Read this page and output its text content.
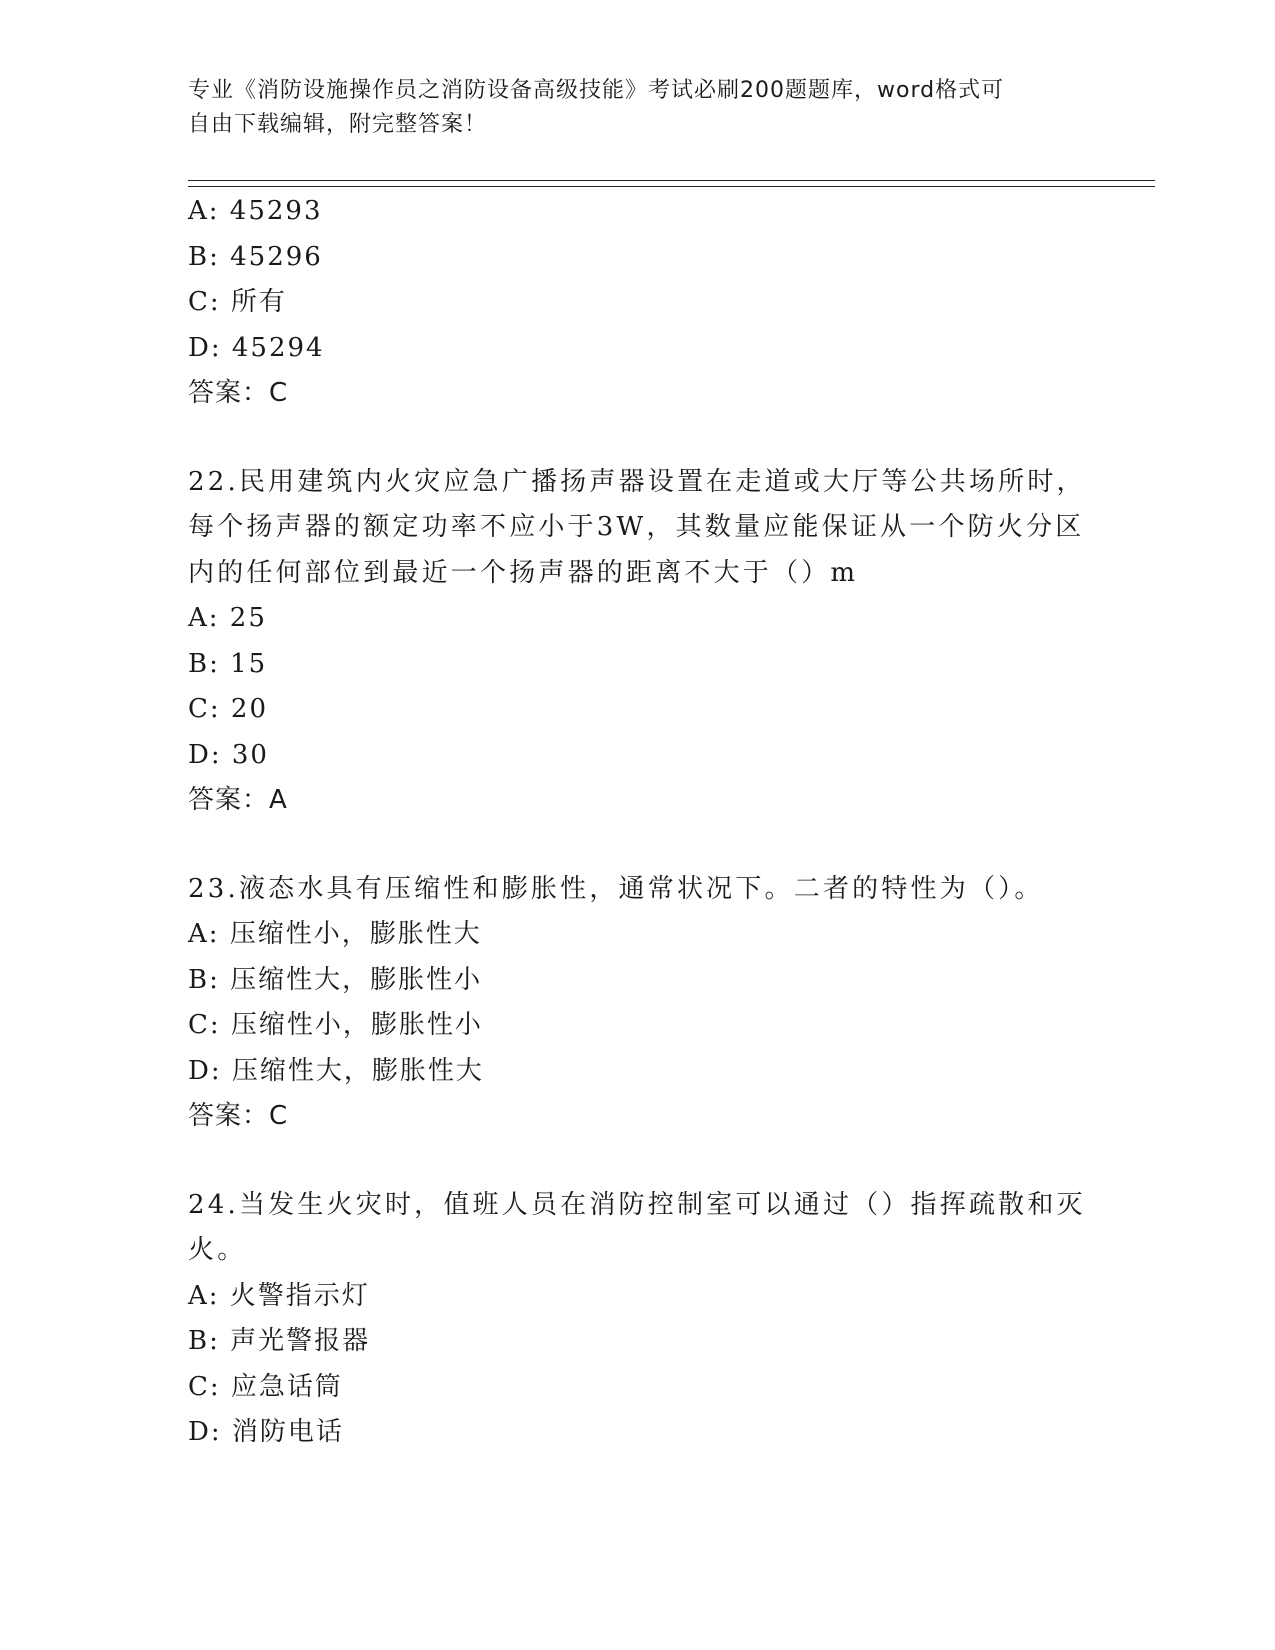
专业《消防设施操作员之消防设备高级技能》考试必刷200题题库，word格式可
自由下载编辑，附完整答案！
A: 45293
B: 45296
C: 所有
D: 45294
答案：C
22.民用建筑内火灾应急广播扬声器设置在走道或大厅等公共场所时，
每个扬声器的额定功率不应小于3W，其数量应能保证从一个防火分区
内的任何部位到最近一个扬声器的距离不大于（）m
A: 25
B: 15
C: 20
D: 30
答案：A
23.液态水具有压缩性和膨胀性，通常状况下。二者的特性为（）。
A: 压缩性小，膨胀性大
B: 压缩性大，膨胀性小
C: 压缩性小，膨胀性小
D: 压缩性大，膨胀性大
答案：C
24.当发生火灾时，值班人员在消防控制室可以通过（）指挥疏散和灭
火。
A: 火警指示灯
B: 声光警报器
C: 应急话筒
D: 消防电话
